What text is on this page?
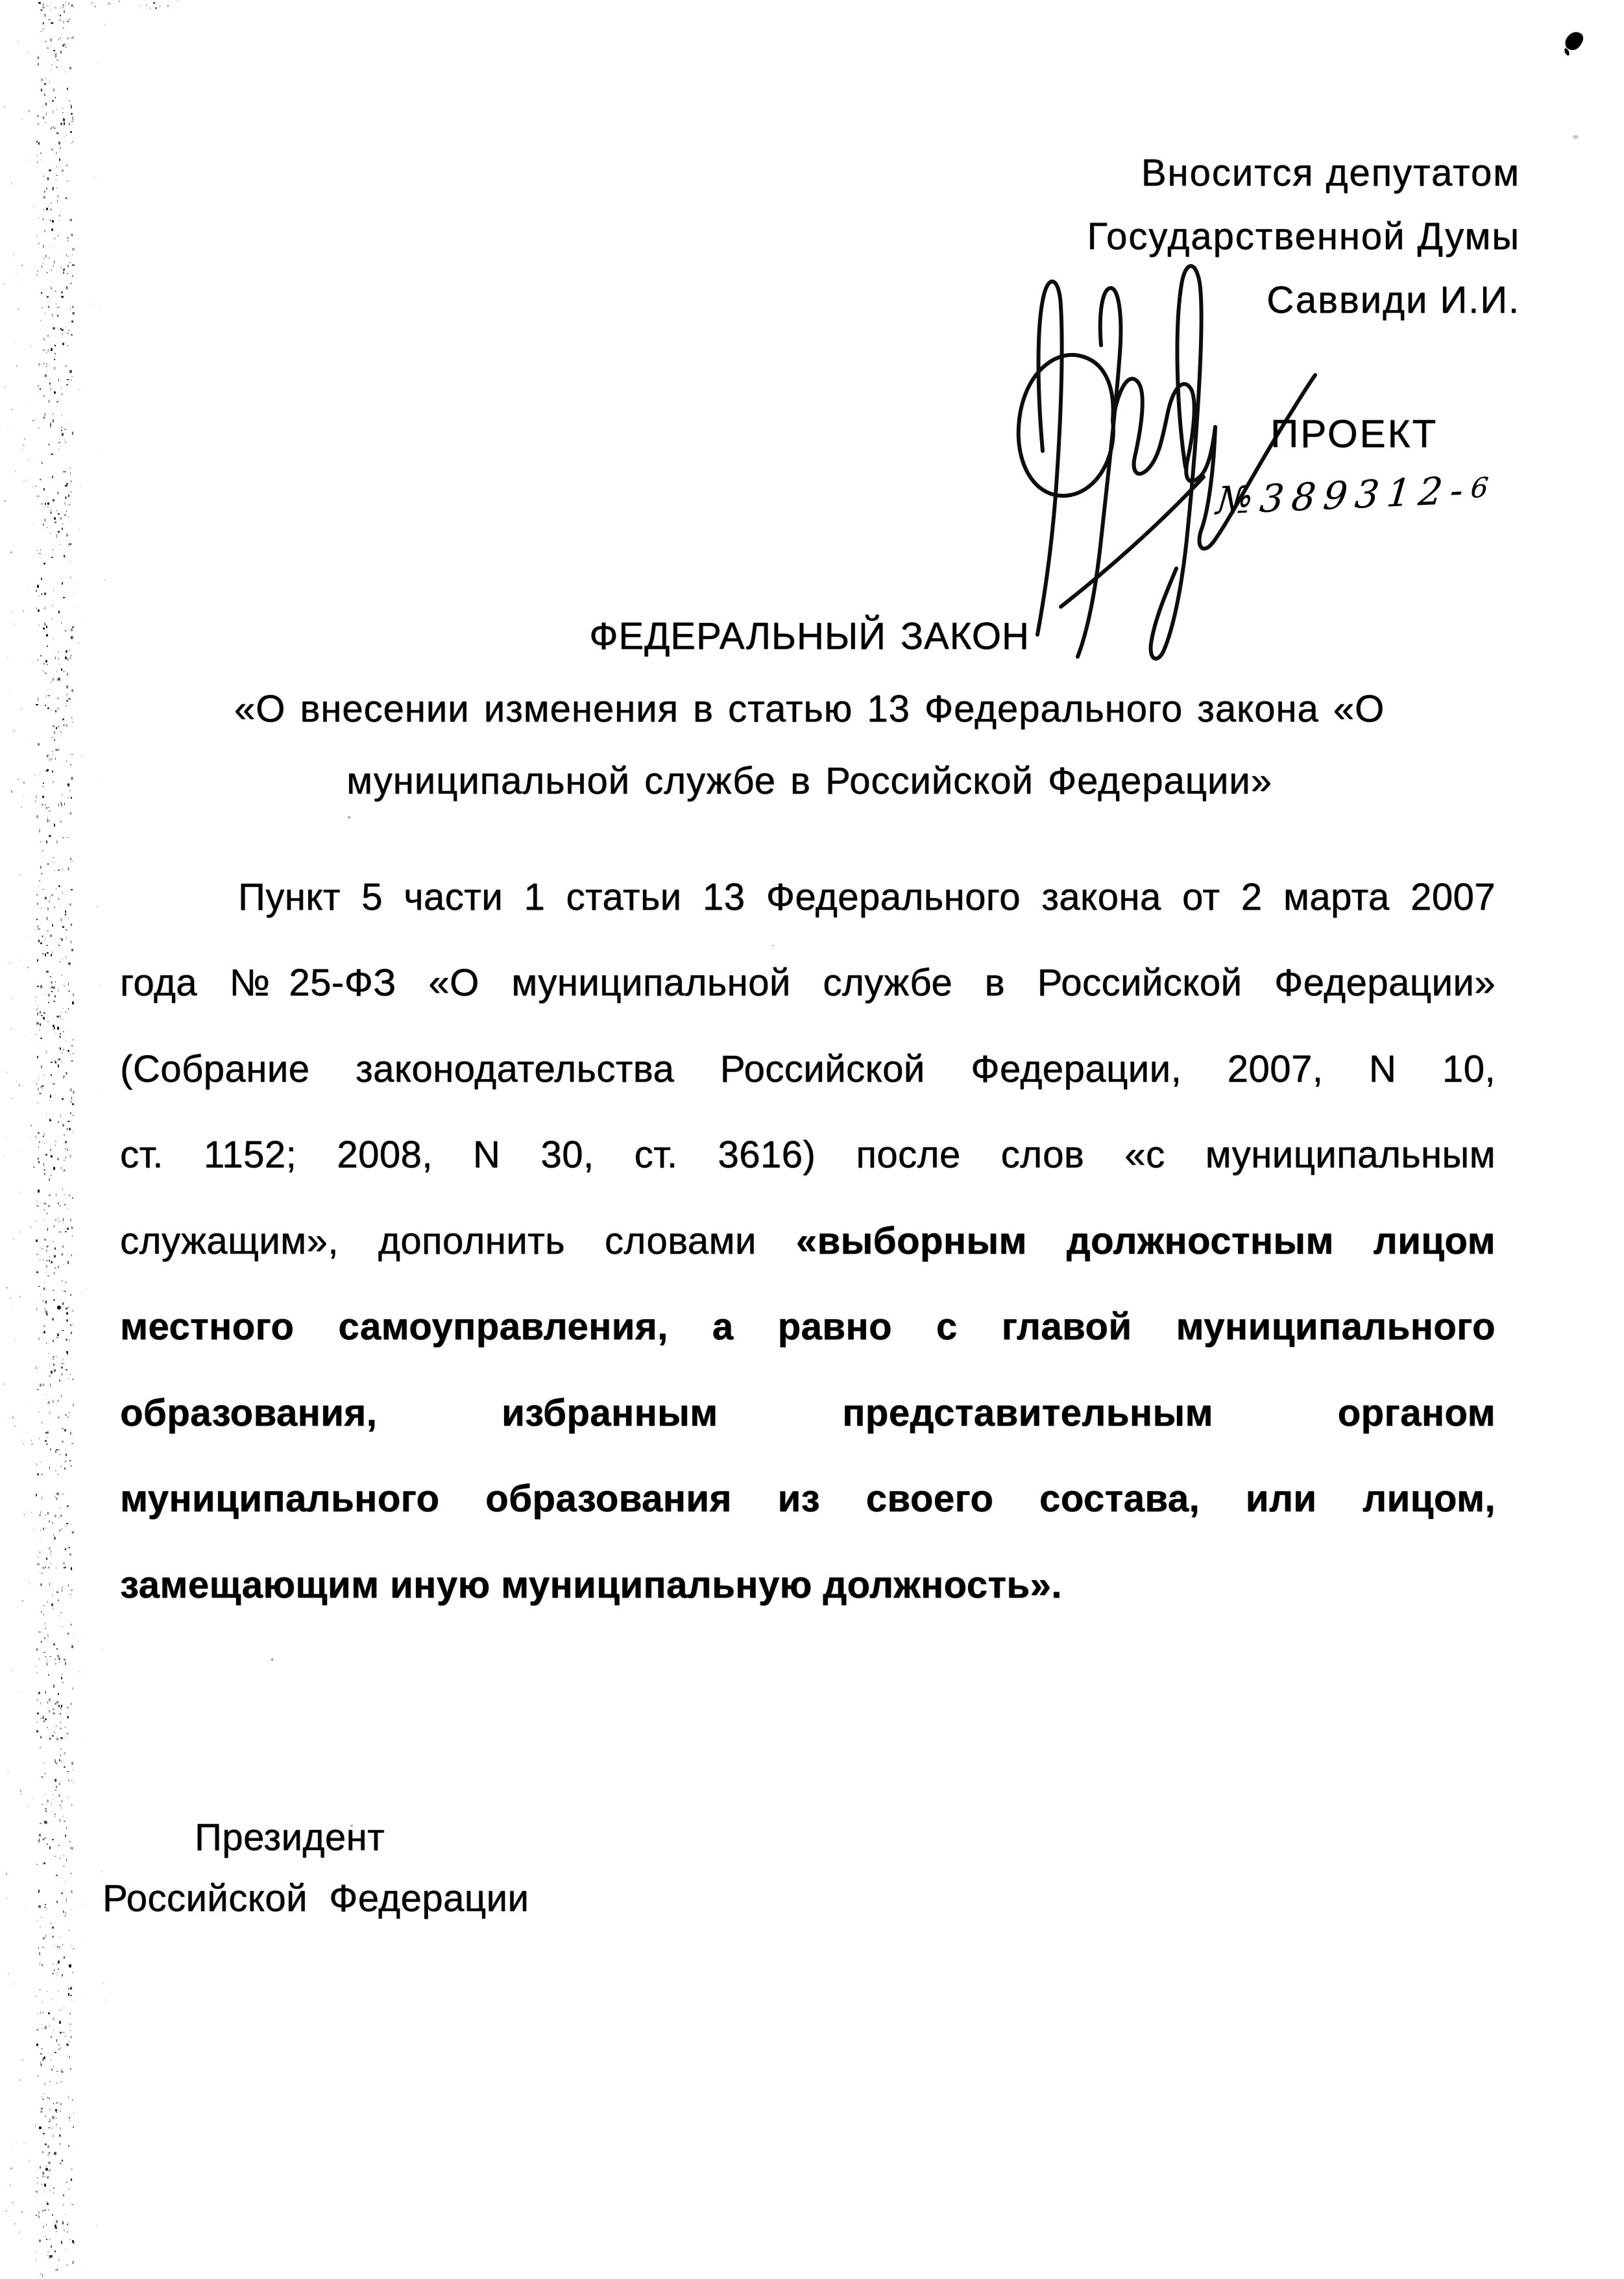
Вносится депутатом
Государственной Думы
Саввиди И.И.
ПРОЕКТ
№389312-6
ФЕДЕРАЛЬНЫЙ ЗАКОН
«О внесении изменения в статью 13 Федерального закона «О
муниципальной службе в Российской Федерации»
Пункт 5 части 1 статьи 13 Федерального закона от 2 марта 2007
года №25-ФЗ «О муниципальной службе в Российской Федерации»
(Собрание законодательства Российской Федерации, 2007, N 10,
ст. 1152; 2008, N 30, ст. 3616) после слов «с муниципальным
служащим», дополнить словами «выборным должностным лицом
местного самоуправления, а равно с главой муниципального
образования, избранным представительным органом
муниципального образования из своего состава, или лицом,
замещающим иную муниципальную должность».
Президент
Российской  Федерации
